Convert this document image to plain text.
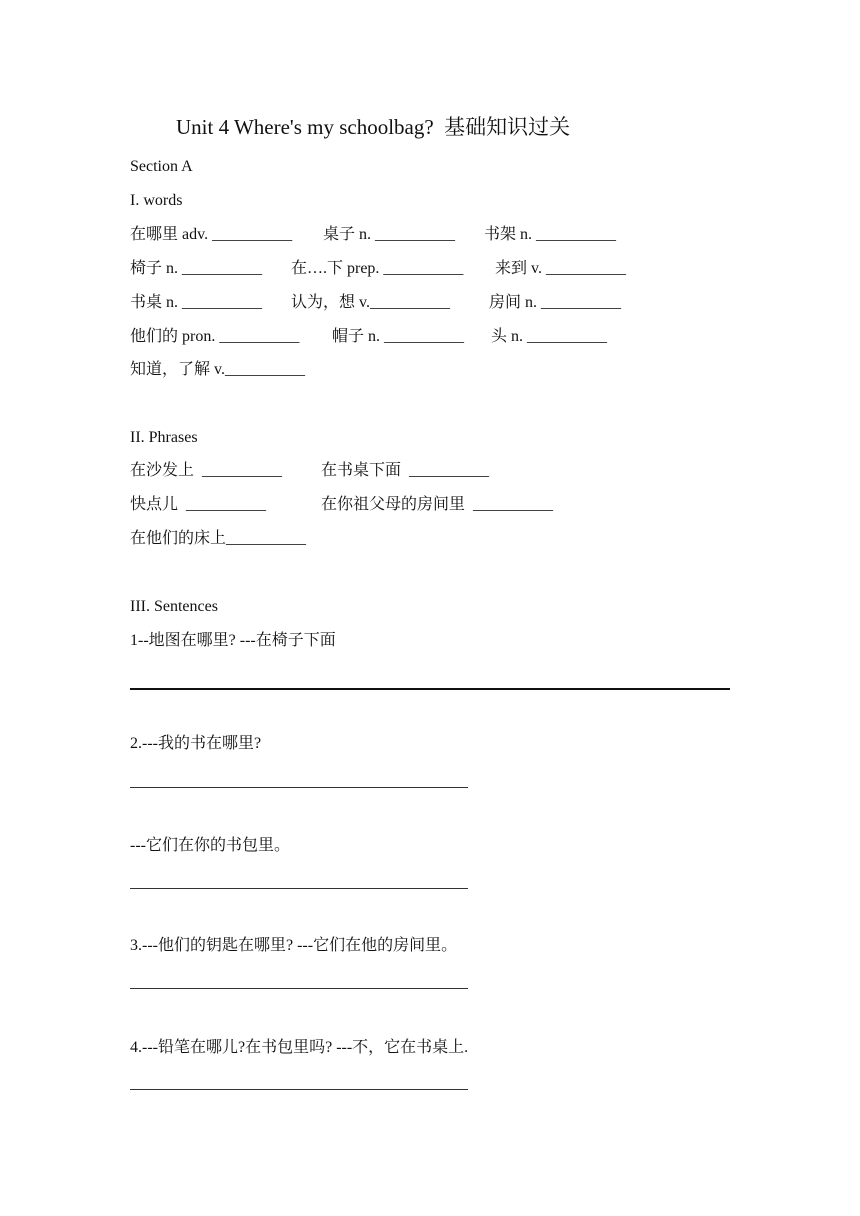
Unit 4 Where's my schoolbag?  基础知识过关
Section A
I. words
在哪里 adv. __________ 桌子 n. __________ 书架 n. __________
椅子 n. __________ 在….下 prep. __________ 来到 v. __________
书桌 n. __________ 认为，想 v.__________ 房间 n. __________
他们的 pron. __________ 帽子 n. __________ 头 n. __________
知道，了解 v.__________
II. Phrases
在沙发上  __________ 在书桌下面  __________
快点儿  __________	在你祖父母的房间里  __________
在他们的床上__________
III. Sentences
1--地图在哪里? ---在椅子下面
2.---我的书在哪里?
---它们在你的书包里。
3.---他们的钥匙在哪里? ---它们在他的房间里。
4.---铅笔在哪儿?在书包里吗? ---不，它在书桌上.
